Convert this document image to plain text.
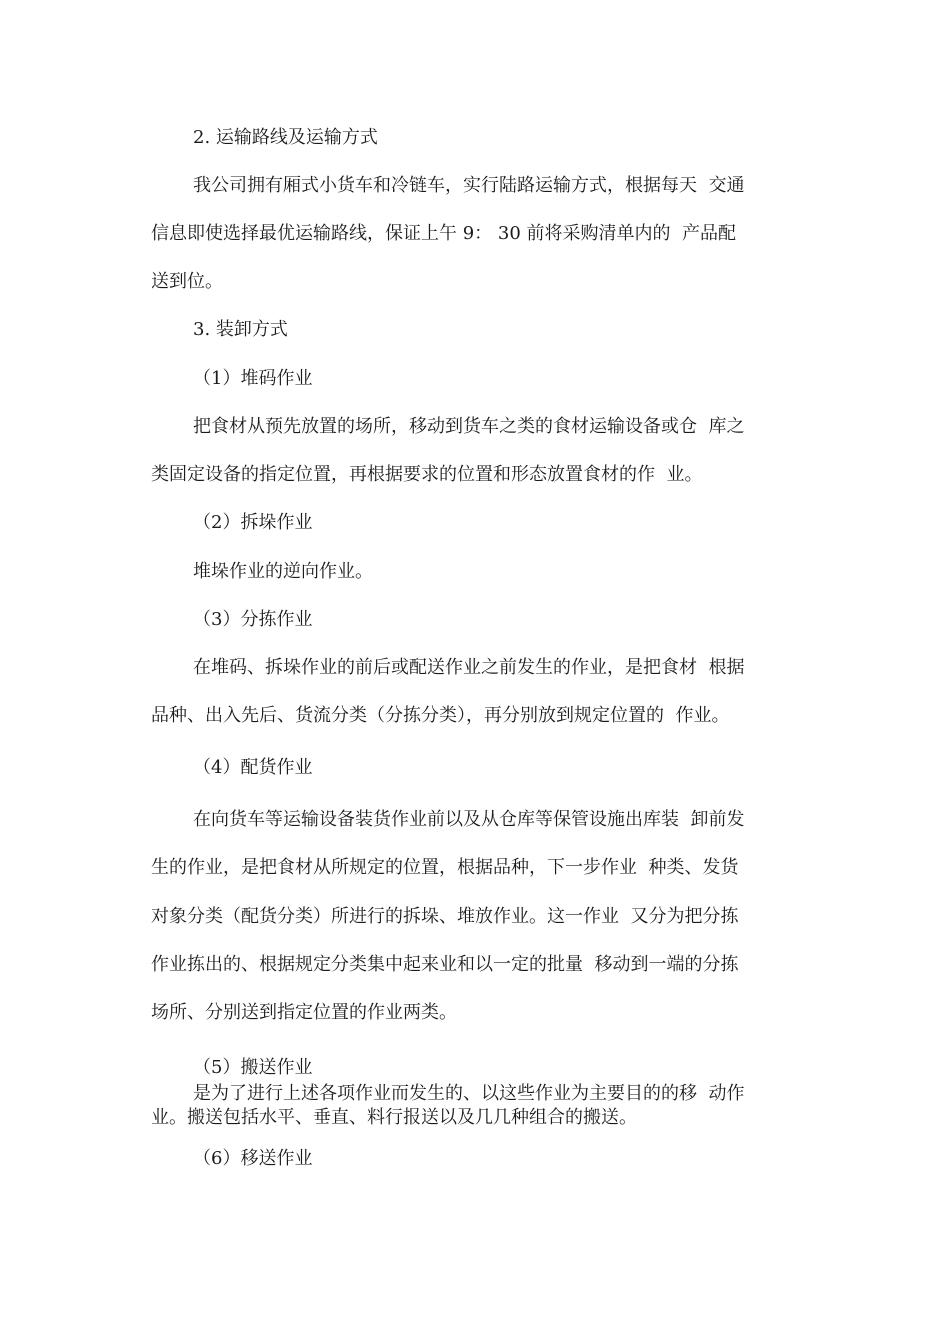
2. 运输路线及运输方式
我公司拥有厢式小货车和冷链车，实行陆路运输方式，根据每天  交通
信息即使选择最优运输路线，保证上午 9： 30 前将采购清单内的  产品配
送到位。
3. 装卸方式
（1）堆码作业
把食材从预先放置的场所，移动到货车之类的食材运输设备或仓  库之
类固定设备的指定位置，再根据要求的位置和形态放置食材的作  业。
（2）拆垛作业
堆垛作业的逆向作业。
（3）分拣作业
在堆码、拆垛作业的前后或配送作业之前发生的作业，是把食材  根据
品种、出入先后、货流分类（分拣分类），再分别放到规定位置的  作业。
（4）配货作业
在向货车等运输设备装货作业前以及从仓库等保管设施出库装  卸前发
生的作业，是把食材从所规定的位置，根据品种，下一步作业  种类、发货
对象分类（配货分类）所进行的拆垛、堆放作业。这一作业  又分为把分拣
作业拣出的、根据规定分类集中起来业和以一定的批量  移动到一端的分拣
场所、分别送到指定位置的作业两类。
（5）搬送作业
是为了进行上述各项作业而发生的、以这些作业为主要目的的移  动作
业。搬送包括水平、垂直、料行报送以及几几种组合的搬送。
（6）移送作业
